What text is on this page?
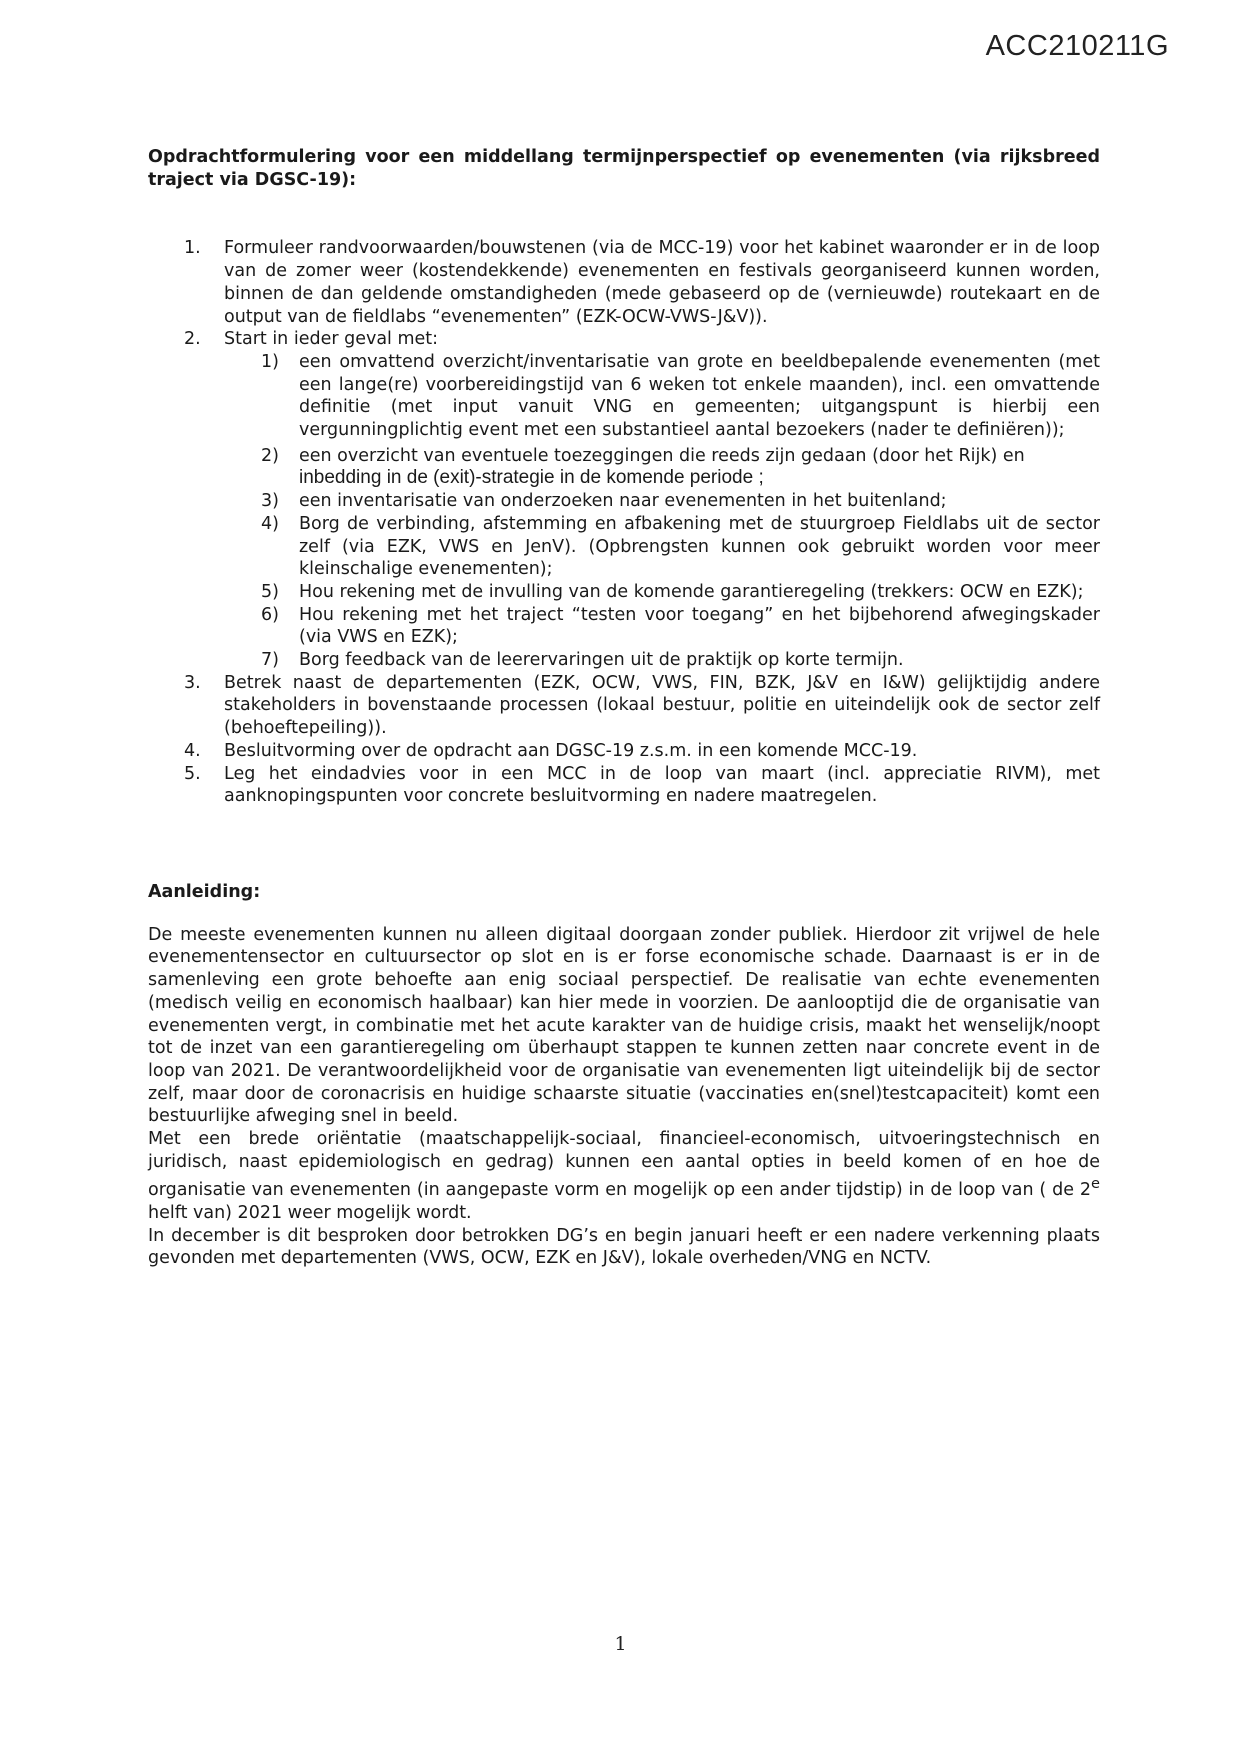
ACC210211G

Opdrachtformulering voor een middellang termijnperspectief op evenementen (via rijksbreed traject via DGSC-19):

1. Formuleer randvoorwaarden/bouwstenen (via de MCC-19) voor het kabinet waaronder er in de loop van de zomer weer (kostendekkende) evenementen en festivals georganiseerd kunnen worden, binnen de dan geldende omstandigheden (mede gebaseerd op de (vernieuwde) routekaart en de output van de fieldlabs “evenementen” (EZK-OCW-VWS-J&V)).
2. Start in ieder geval met:
1) een omvattend overzicht/inventarisatie van grote en beeldbepalende evenementen (met een lange(re) voorbereidingstijd van 6 weken tot enkele maanden), incl. een omvattende definitie (met input vanuit VNG en gemeenten; uitgangspunt is hierbij een vergunningplichtig event met een substantieel aantal bezoekers (nader te definiëren));
2) een overzicht van eventuele toezeggingen die reeds zijn gedaan (door het Rijk) en
inbedding in de (exit)-strategie in de komende periode ;
3) een inventarisatie van onderzoeken naar evenementen in het buitenland;
4) Borg de verbinding, afstemming en afbakening met de stuurgroep Fieldlabs uit de sector zelf (via EZK, VWS en JenV). (Opbrengsten kunnen ook gebruikt worden voor meer kleinschalige evenementen);
5) Hou rekening met de invulling van de komende garantieregeling (trekkers: OCW en EZK);
6) Hou rekening met het traject “testen voor toegang” en het bijbehorend afwegingskader (via VWS en EZK);
7) Borg feedback van de leerervaringen uit de praktijk op korte termijn.
3. Betrek naast de departementen (EZK, OCW, VWS, FIN, BZK, J&V en I&W) gelijktijdig andere stakeholders in bovenstaande processen (lokaal bestuur, politie en uiteindelijk ook de sector zelf (behoeftepeiling)).
4. Besluitvorming over de opdracht aan DGSC-19 z.s.m. in een komende MCC-19.
5. Leg het eindadvies voor in een MCC in de loop van maart (incl. appreciatie RIVM), met aanknopingspunten voor concrete besluitvorming en nadere maatregelen.

Aanleiding:

De meeste evenementen kunnen nu alleen digitaal doorgaan zonder publiek. Hierdoor zit vrijwel de hele evenementensector en cultuursector op slot en is er forse economische schade. Daarnaast is er in de samenleving een grote behoefte aan enig sociaal perspectief. De realisatie van echte evenementen (medisch veilig en economisch haalbaar) kan hier mede in voorzien. De aanlooptijd die de organisatie van evenementen vergt, in combinatie met het acute karakter van de huidige crisis, maakt het wenselijk/noopt tot de inzet van een garantieregeling om überhaupt stappen te kunnen zetten naar concrete event in de loop van 2021. De verantwoordelijkheid voor de organisatie van evenementen ligt uiteindelijk bij de sector zelf, maar door de coronacrisis en huidige schaarste situatie (vaccinaties en(snel)testcapaciteit) komt een bestuurlijke afweging snel in beeld.

Met een brede oriëntatie (maatschappelijk-sociaal, financieel-economisch, uitvoeringstechnisch en juridisch, naast epidemiologisch en gedrag) kunnen een aantal opties in beeld komen of en hoe de organisatie van evenementen (in aangepaste vorm en mogelijk op een ander tijdstip) in de loop van ( de 2e helft van) 2021 weer mogelijk wordt.

In december is dit besproken door betrokken DG’s en begin januari heeft er een nadere verkenning plaats gevonden met departementen (VWS, OCW, EZK en J&V), lokale overheden/VNG en NCTV.

1
